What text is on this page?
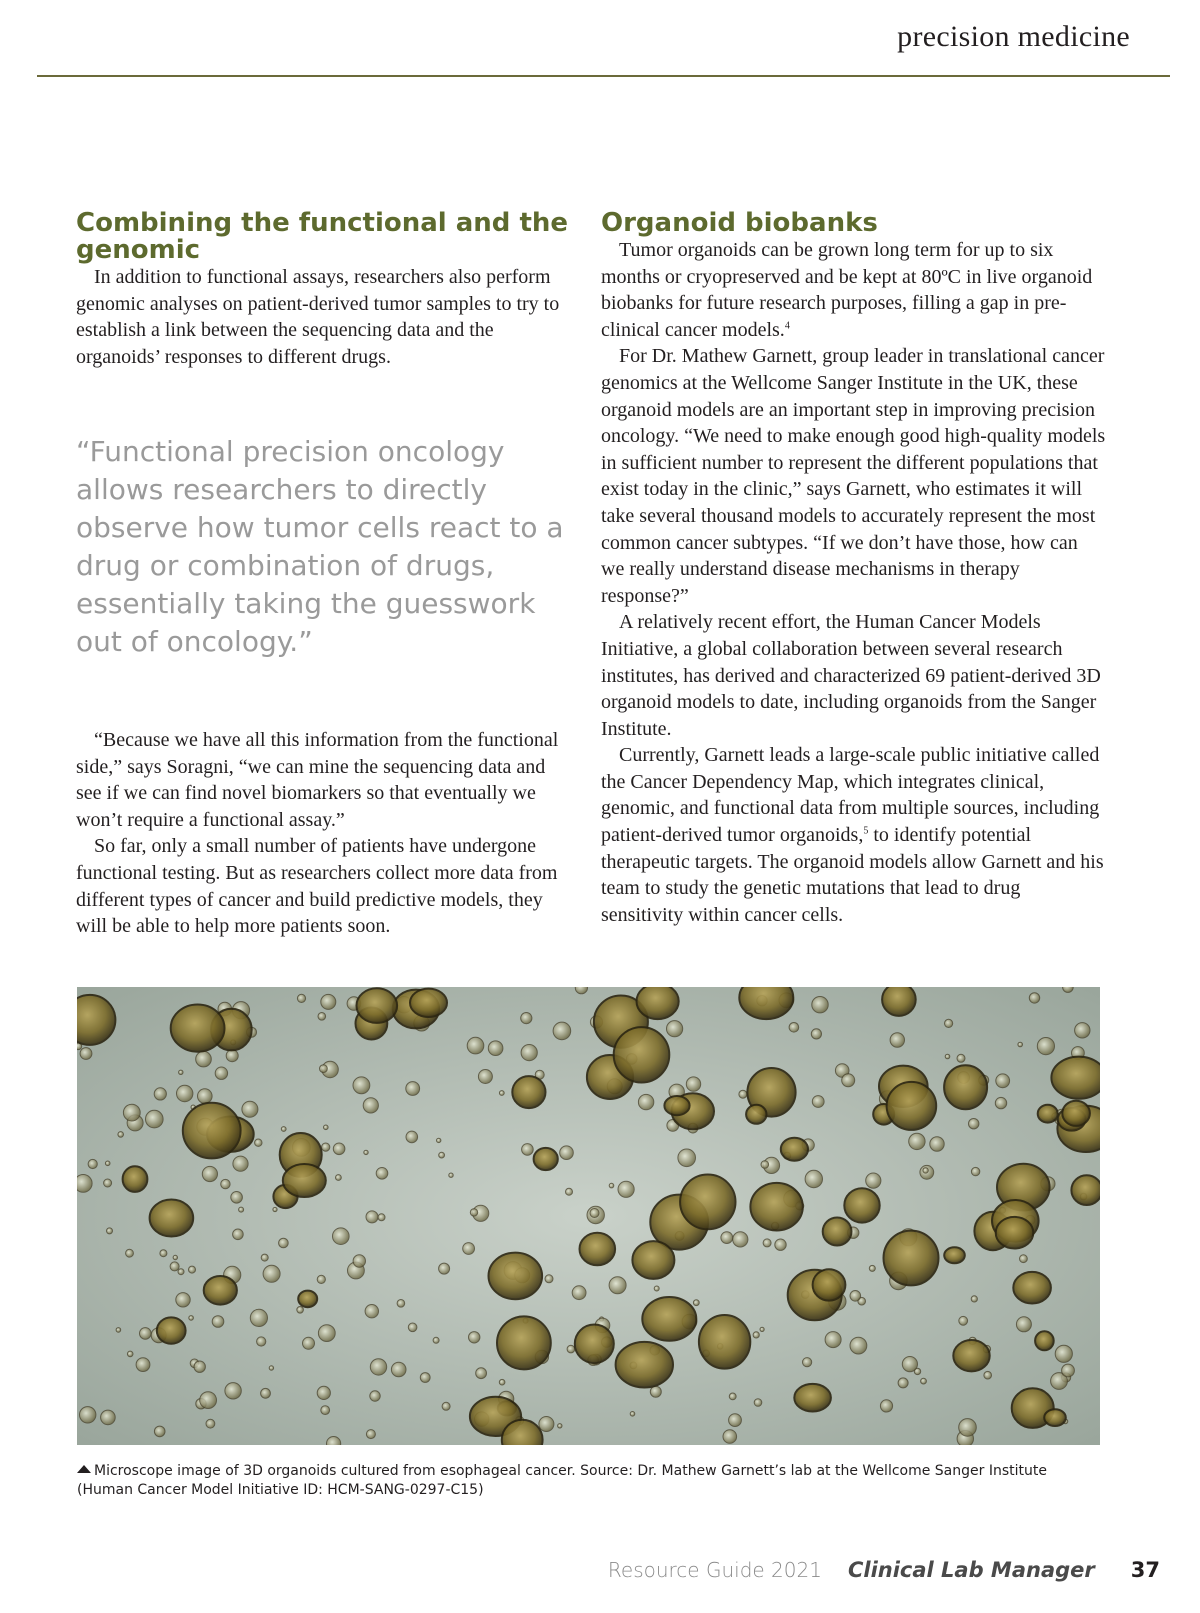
precision medicine
Combining the functional and the genomic

In addition to functional assays, researchers also perform genomic analyses on patient-derived tumor samples to try to establish a link between the sequencing data and the organoids’ responses to different drugs.

“Functional precision oncology allows researchers to directly observe how tumor cells react to a drug or combination of drugs, essentially taking the guesswork out of oncology.”

“Because we have all this information from the functional side,” says Soragni, “we can mine the sequencing data and see if we can find novel biomarkers so that eventually we won’t require a functional assay.”

So far, only a small number of patients have undergone functional testing. But as researchers collect more data from different types of cancer and build predictive models, they will be able to help more patients soon.

Organoid biobanks

Tumor organoids can be grown long term for up to six months or cryopreserved and be kept at 80ºC in live organoid biobanks for future research purposes, filling a gap in pre-clinical cancer models.$^4$

For Dr. Mathew Garnett, group leader in translational cancer genomics at the Wellcome Sanger Institute in the UK, these organoid models are an important step in improving precision oncology. “We need to make enough good high-quality models in sufficient number to represent the different populations that exist today in the clinic,” says Garnett, who estimates it will take several thousand models to accurately represent the most common cancer subtypes. “If we don’t have those, how can we really understand disease mechanisms in therapy response?”

A relatively recent effort, the Human Cancer Models Initiative, a global collaboration between several research institutes, has derived and characterized 69 patient-derived 3D organoid models to date, including organoids from the Sanger Institute.

Currently, Garnett leads a large-scale public initiative called the Cancer Dependency Map, which integrates clinical, genomic, and functional data from multiple sources, including patient-derived tumor organoids,$^5$ to identify potential therapeutic targets. The organoid models allow Garnett and his team to study the genetic mutations that lead to drug sensitivity within cancer cells.

Microscope image of 3D organoids cultured from esophageal cancer. Source: Dr. Mathew Garnett’s lab at the Wellcome Sanger Institute (Human Cancer Model Initiative ID: HCM-SANG-0297-C15)
Resource Guide 2021 Clinical Lab Manager 37
